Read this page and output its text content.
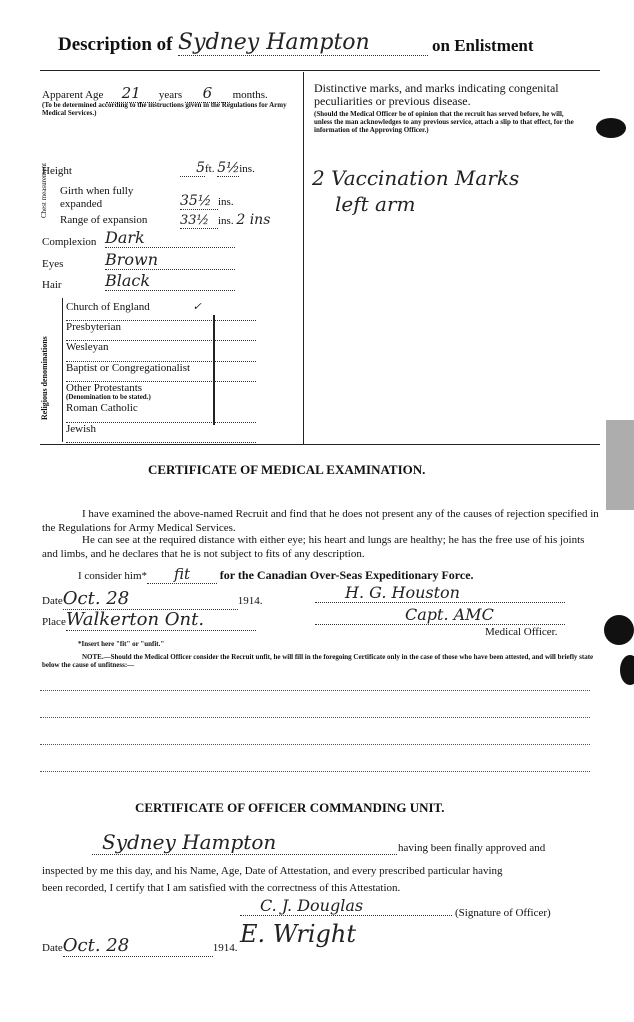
Description of Sydney Hampton	on Enlistment
Apparent Age 21 years 6 months.
(To be determined according to the instructions given in the Regulations for Army Medical Services.)
Height	5ft. 5½ins.
Chest measurement Girth when fully expanded	35½ ins.
Range of expansion	33½ ins. 2 ins
Complexion Dark
Eyes	Brown
Hair	Black
Religious denominations
Church of England	✓
Presbyterian
Wesleyan
Baptist or Congregationalist
Other Protestants
(Denomination to be stated.)
Roman Catholic
Jewish
Distinctive marks, and marks indicating congenital peculiarities or previous disease.
(Should the Medical Officer be of opinion that the recruit has served before, he will, unless the man acknowledges to any previous service, attach a slip to that effect, for the information of the Approving Officer.)
2 Vaccination Marks
left arm
CERTIFICATE OF MEDICAL EXAMINATION.
I have examined the above-named Recruit and find that he does not present any of the causes of rejection specified in the Regulations for Army Medical Services.
He can see at the required distance with either eye; his heart and lungs are healthy; he has the free use of his joints and limbs, and he declares that he is not subject to fits of any description.
I consider him* fit for the Canadian Over-Seas Expeditionary Force.
DateOct. 28	1914.	H. G. Houston
PlaceWalkerton Ont.	Capt. AMC
Medical Officer.
*Insert here "fit" or "unfit."
NOTE.—Should the Medical Officer consider the Recruit unfit, he will fill in the foregoing Certificate only in the case of those who have been attested, and will briefly state below the cause of unfitness:—
CERTIFICATE OF OFFICER COMMANDING UNIT.
Sydney Hampton	having been finally approved and
inspected by me this day, and his Name, Age, Date of Attestation, and every prescribed particular having
been recorded, I certify that I am satisfied with the correctness of this Attestation.
C. J. Douglas	(Signature of Officer)
DateOct. 28	1914. E. Wright
